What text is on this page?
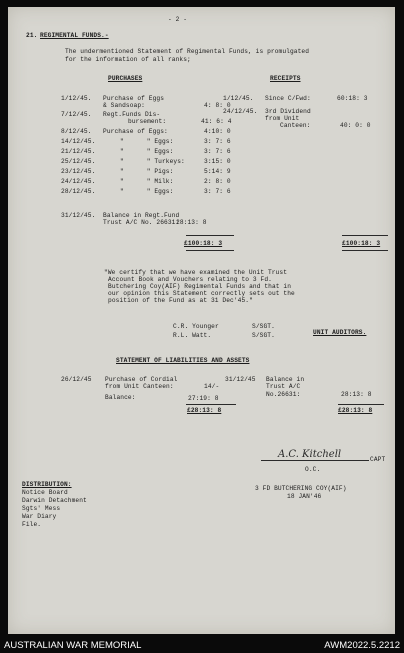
- 2 -
21. REGIMENTAL FUNDS.-
The undermentioned Statement of Regimental Funds, is promulgated
for the information of all ranks;
PURCHASES	RECEIPTS
1/12/45. Purchase of Eggs
& Sandsoap:	4: 8: 0
7/12/45. Regt.Funds Dis-
bursement:	41: 6: 4
8/12/45. Purchase of Eggs:	4:10: 0
14/12/45.	"      " Eggs:	3: 7: 6
21/12/45.	"      " Eggs:	3: 7: 6
25/12/45.	"      " Turkeys:	3:15: 0
23/12/45.	"      " Pigs:	5:14: 9
24/12/45.	"      " Milk:	2: 8: 0
28/12/45.	"      " Eggs:	3: 7: 6
1/12/45. Since C/Fwd:	60:18: 3
24/12/45. 3rd Dividend
from Unit
Canteen:	40: 0: 0
31/12/45. Balance in Regt.Fund
Trust A/C No. 26631:
28:13: 8
£100:18: 3	£100:18: 3
"We certify that we have examined the Unit Trust
Account Book and Vouchers relating to 3 Fd.
Butchering Coy(AIF) Regimental Funds and that in
our opinion this Statement correctly sets out the
position of the Fund as at 31 Dec'45."
C.R. Younger	S/SGT.
R.L. Watt.	S/SGT.	UNIT AUDITORS.
STATEMENT OF LIABILITIES AND ASSETS
26/12/45 Purchase of Cordial
from Unit Canteen:	14/-
Balance:	27:19: 8
£28:13: 8
31/12/45 Balance in
Trust A/C
No.26631:	28:13: 8
£28:13: 8
A.C. Kitchell	CAPT
O.C.
3 FD BUTCHERING COY(AIF)
18 JAN'46
DISTRIBUTION:
Notice Board
Darwin Detachment
Sgts' Mess
War Diary
File.
AUSTRALIAN WAR MEMORIAL	AWM2022.5.2212
